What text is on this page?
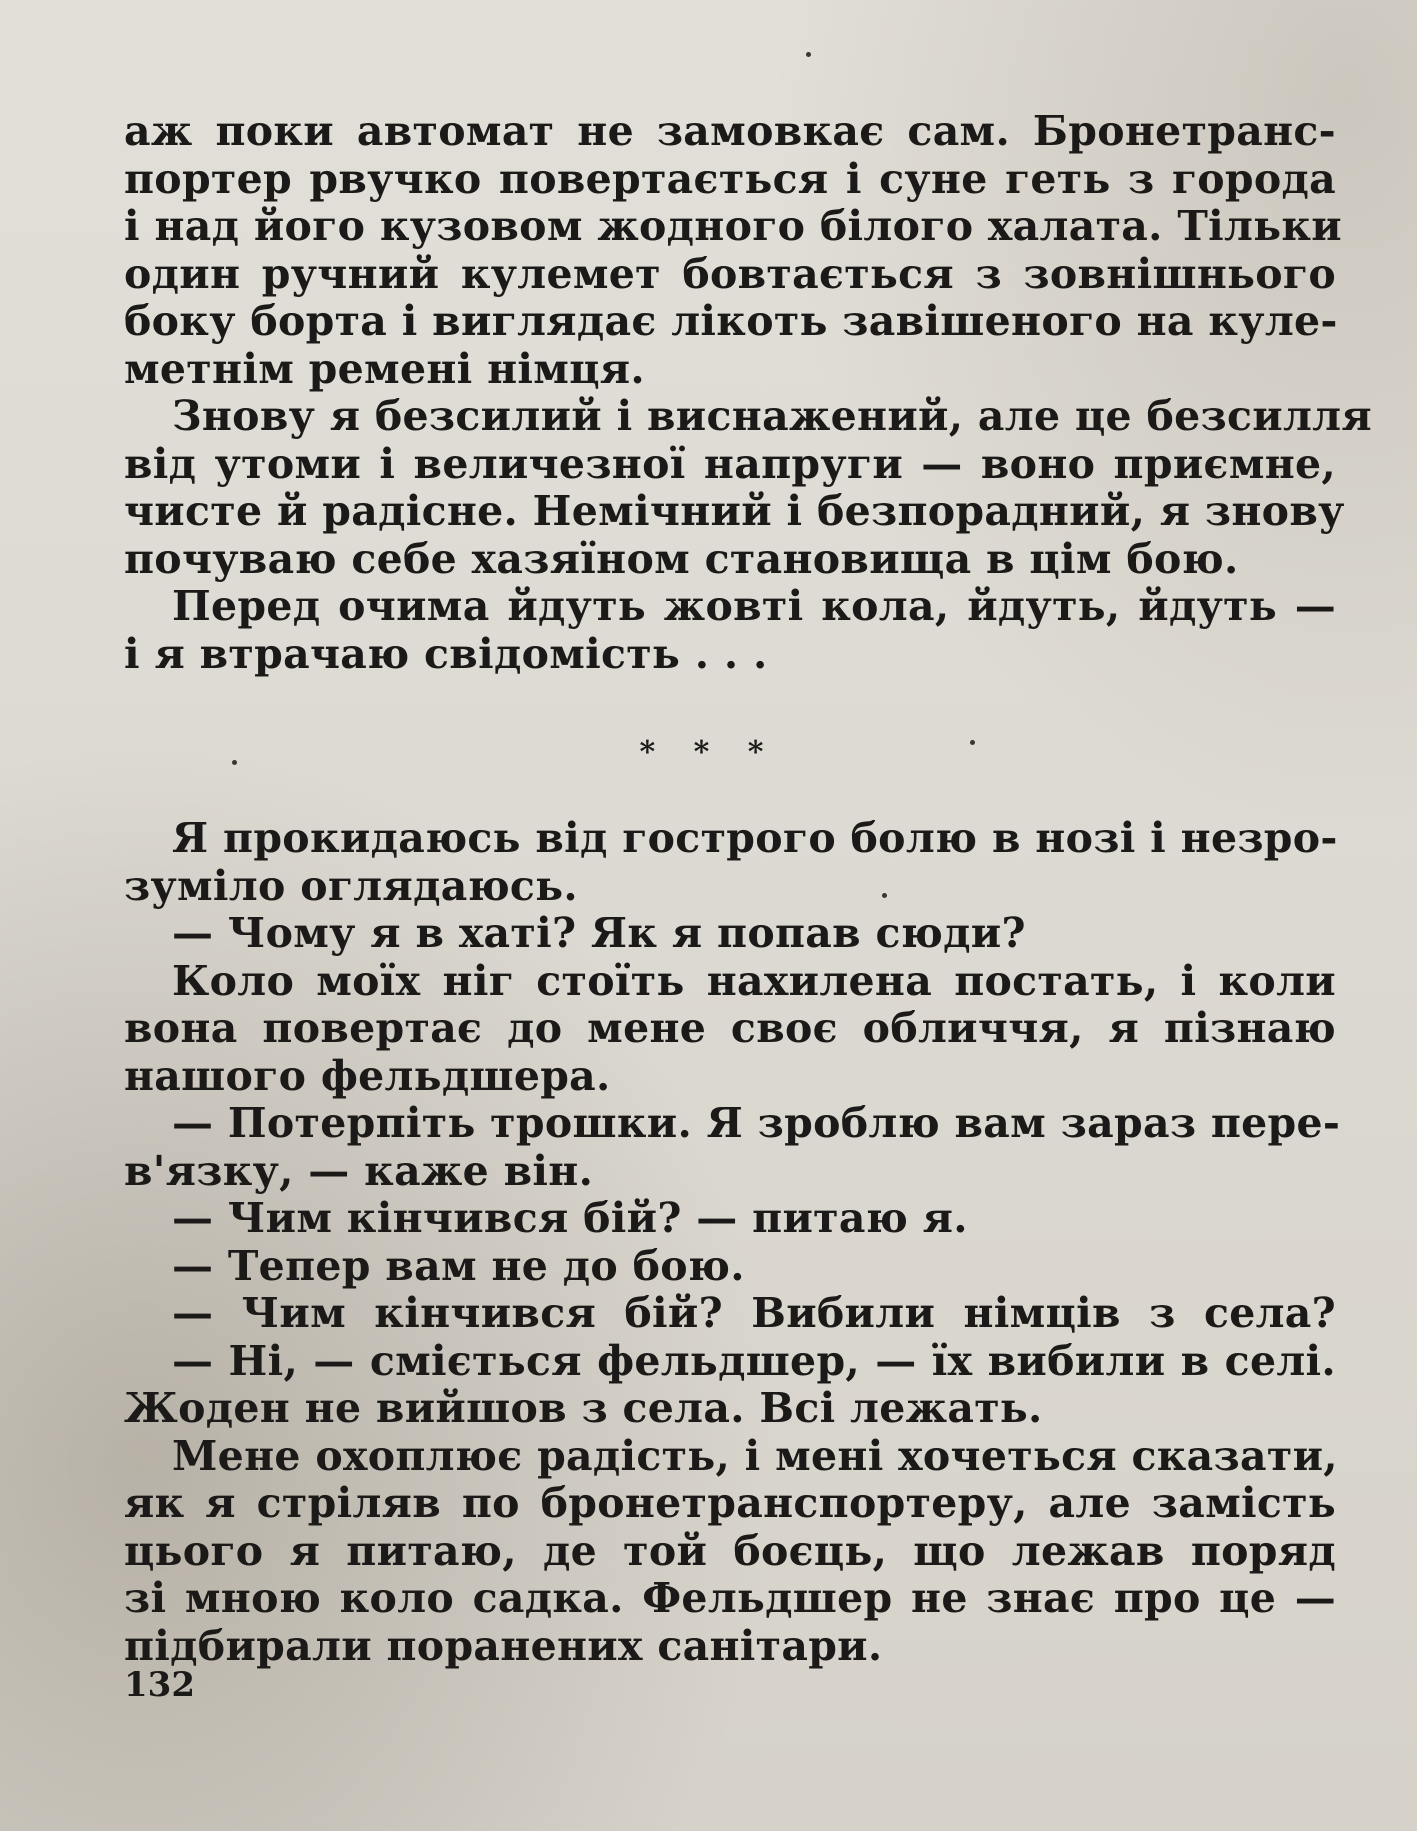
аж поки автомат не замовкає сам. Бронетранс-
портер рвучко повертається і суне геть з города
і над його кузовом жодного білого халата. Тільки
один ручний кулемет бовтається з зовнішнього
боку борта і виглядає лікоть завішеного на куле-
метнім ремені німця.
Знову я безсилий і виснажений, але це безсилля
від утоми і величезної напруги — воно приємне,
чисте й радісне. Немічний і безпорадний, я знову
почуваю себе хазяїном становища в цім бою.
Перед очима йдуть жовті кола, йдуть, йдуть —
і я втрачаю свідомість . . .
* * *
Я прокидаюсь від гострого болю в нозі і незро-
зуміло оглядаюсь.
— Чому я в хаті? Як я попав сюди?
Коло моїх ніг стоїть нахилена постать, і коли
вона повертає до мене своє обличчя, я пізнаю
нашого фельдшера.
— Потерпіть трошки. Я зроблю вам зараз пере-
в'язку, — каже він.
— Чим кінчився бій? — питаю я.
— Тепер вам не до бою.
— Чим кінчився бій? Вибили німців з села?
— Ні, — сміється фельдшер, — їх вибили в селі.
Жоден не вийшов з села. Всі лежать.
Мене охоплює радість, і мені хочеться сказати,
як я стріляв по бронетранспортеру, але замість
цього я питаю, де той боєць, що лежав поряд
зі мною коло садка. Фельдшер не знає про це —
підбирали поранених санітари.
132
